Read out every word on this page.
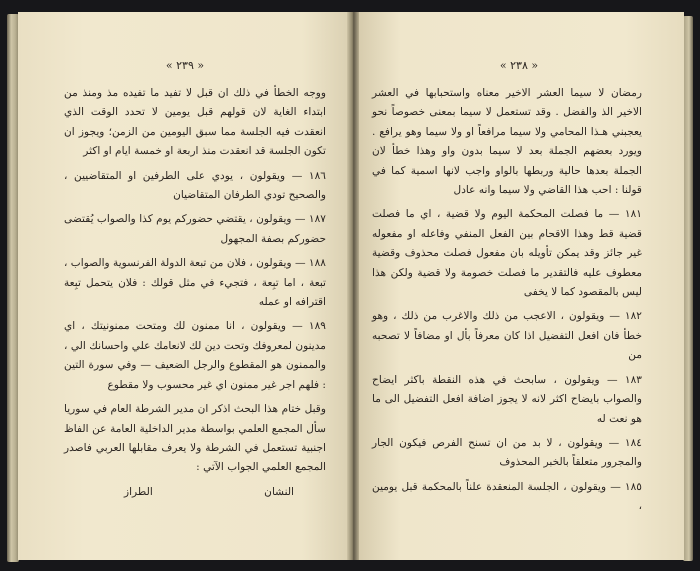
« ٢٣٩ »

ووجه الخطأ في ذلك ان قبل لا تفيد ما تفيده مذ ومنذ من ابتداء الغاية لان قولهم قبل يومين لا تحدد الوقت الذي انعقدت فيه الجلسة مما سبق اليومين من الزمن؛ ويجوز ان تكون الجلسة قد انعقدت منذ اربعة او خمسة ايام او اكثر

١٨٦ — ويقولون ، يودي على الطرفين او المتقاضيين ، والصحيح تودي الطرفان المتقاضيان

١٨٧ — ويقولون ، يقتضي حضوركم يوم كذا والصواب يُقتضى حضوركم بصفة المجهول

١٨٨ — ويقولون ، فلان من تبعة الدولة الفرنسوية والصواب ، تبعة ، اما تبِعة ، فتجيء في مثل قولك : فلان يتحمل تبِعة اقترافه او عمله

١٨٩ — ويقولون ، انا ممنون لك ومتحت ممنونيتك ، اي مدينون لمعروفك وتحت دين لك لانعامك علي واحسانك الي ، والممنون هو المقطوع والرجل الضعيف — وفي سورة التين : فلهم اجر غير ممنون اي غير محسوب ولا مقطوع

وقبل ختام هذا البحث اذكر ان مدير الشرطة العام في سوريا سأل المجمع العلمي بواسطة مدير الداخلية العامة عن الفاظ اجنبية تستعمل في الشرطة ولا يعرف مقابلها العربي فاصدر المجمع العلمي الجواب الآتي :

النشان
الطراز
« ٢٣٨ »

رمضان لا سيما العشر الاخير معناه واستحبابها في العشر الاخير الذ والفضل . وقد تستعمل لا سيما بمعنى خصوصاً نحو يعجبني هـذا المحامي ولا سيما مرافعاً او ولا سيما وهو يرافع . ويورد بعضهم الجملة بعد لا سيما بدون واو وهذا خطأ لان الجملة بعدها حالية وربطها بالواو واجب لانها اسمية كما في قولنا : احب هذا القاضي ولا سيما وانه عادل

١٨١ — ما فصلت المحكمة اليوم ولا قضية ، اي ما فصلت قضية قط وهذا الاقحام بين الفعل المنفي وفاعله او مفعوله غير جائز وقد يمكن تأويله بان مفعول فصلت محذوف وقضية معطوف عليه فالتقدير ما فصلت خصومة ولا قضية ولكن هذا ليس بالمقصود كما لا يخفى

١٨٢ — ويقولون ، الاعجب من ذلك والاغرب من ذلك ، وهو خطأ فان افعل التفضيل اذا كان معرفاً بأل او مضافاً لا تصحبه من

١٨٣ — ويقولون ، سابحث في هذه النقطة باكثر ايضاح والصواب بايضاح اكثر لانه لا يجوز اضافة افعل التفضيل الى ما هو نعت له

١٨٤ — ويقولون ، لا بد من ان تسنح الفرص فيكون الجار والمجرور متعلقاً بالخبر المحذوف

١٨٥ — ويقولون ، الجلسة المنعقدة علناً بالمحكمة قبل يومين ،
